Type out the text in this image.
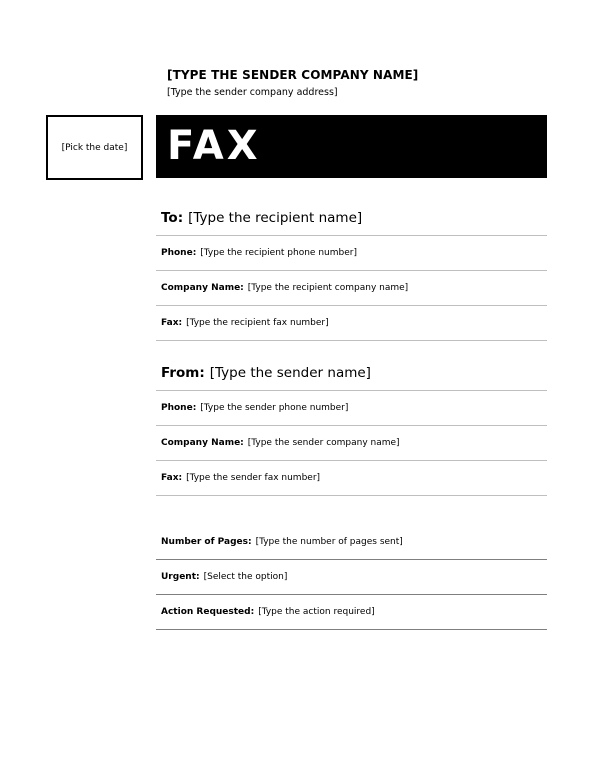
[TYPE THE SENDER COMPANY NAME]
[Type the sender company address]
[Pick the date] FAX
To: [Type the recipient name]
Phone: [Type the recipient phone number]
Company Name: [Type the recipient company name]
Fax: [Type the recipient fax number]
From: [Type the sender name]
Phone: [Type the sender phone number]
Company Name: [Type the sender company name]
Fax: [Type the sender fax number]
Number of Pages: [Type the number of pages sent]
Urgent: [Select the option]
Action Requested: [Type the action required]
